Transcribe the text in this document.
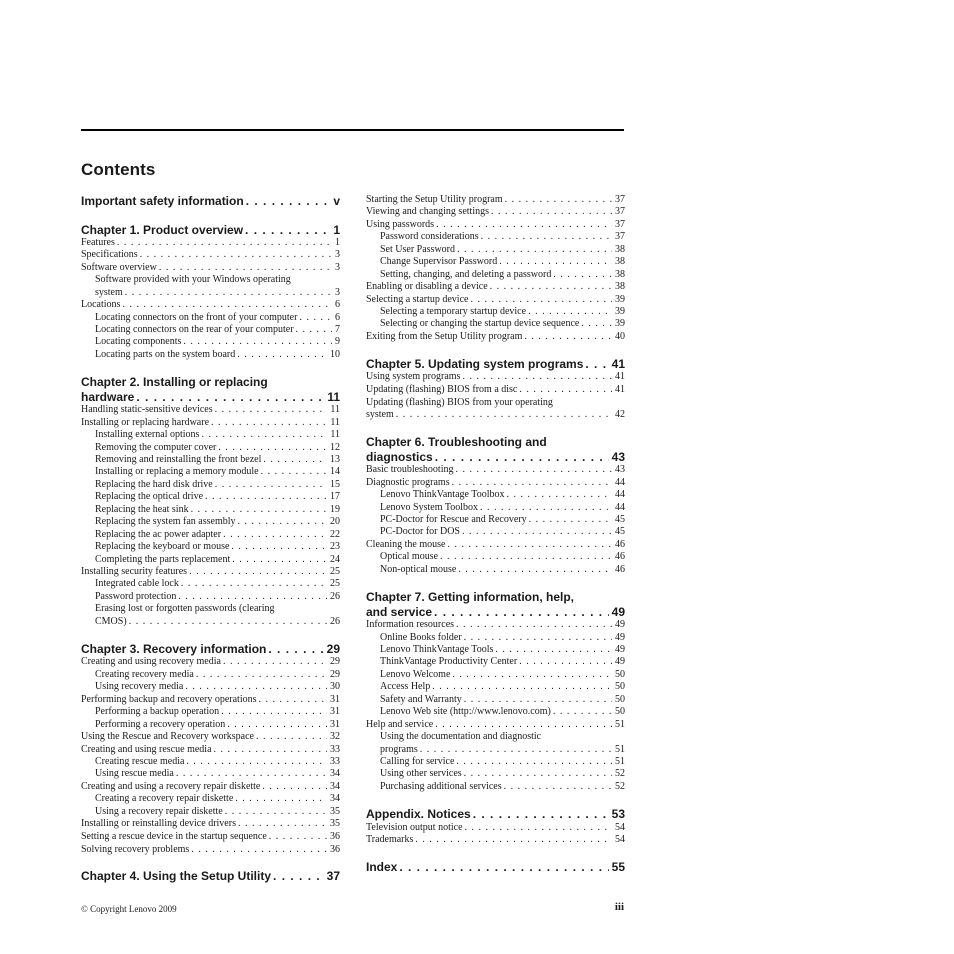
Contents
Important safety information . . .	v
Chapter 1. Product overview . . .	1
Features . . .	1
Specifications . . .	3
Software overview . . .	3
Software provided with your Windows operating
system . . .	3
Locations . . .	6
Locating connectors on the front of your computer . . .	6
Locating connectors on the rear of your computer . . .	7
Locating components . . .	9
Locating parts on the system board . . .	10
Chapter 2. Installing or replacing
hardware . . .	11
Handling static-sensitive devices . . .	11
Installing or replacing hardware . . .	11
Installing external options . . .	11
Removing the computer cover . . .	12
Removing and reinstalling the front bezel . . .	13
Installing or replacing a memory module . . .	14
Replacing the hard disk drive . . .	15
Replacing the optical drive . . .	17
Replacing the heat sink . . .	19
Replacing the system fan assembly . . .	20
Replacing the ac power adapter . . .	22
Replacing the keyboard or mouse . . .	23
Completing the parts replacement . . .	24
Installing security features . . .	25
Integrated cable lock . . .	25
Password protection . . .	26
Erasing lost or forgotten passwords (clearing
CMOS) . . .	26
Chapter 3. Recovery information . . .	29
Creating and using recovery media . . .	29
Creating recovery media . . .	29
Using recovery media . . .	30
Performing backup and recovery operations . . .	31
Performing a backup operation . . .	31
Performing a recovery operation . . .	31
Using the Rescue and Recovery workspace . . .	32
Creating and using rescue media . . .	33
Creating rescue media . . .	33
Using rescue media . . .	34
Creating and using a recovery repair diskette . . .	34
Creating a recovery repair diskette . . .	34
Using a recovery repair diskette . . .	35
Installing or reinstalling device drivers . . .	35
Setting a rescue device in the startup sequence . . .	36
Solving recovery problems . . .	36
Chapter 4. Using the Setup Utility . . .	37
Starting the Setup Utility program . . .	37
Viewing and changing settings . . .	37
Using passwords . . .	37
Password considerations . . .	37
Set User Password . . .	38
Change Supervisor Password . . .	38
Setting, changing, and deleting a password . . .	38
Enabling or disabling a device . . .	38
Selecting a startup device . . .	39
Selecting a temporary startup device . . .	39
Selecting or changing the startup device sequence . . .	39
Exiting from the Setup Utility program . . .	40
Chapter 5. Updating system programs . . . 41
Using system programs . . .	41
Updating (flashing) BIOS from a disc . . .	41
Updating (flashing) BIOS from your operating
system . . .	42
Chapter 6. Troubleshooting and
diagnostics . . .	43
Basic troubleshooting . . .	43
Diagnostic programs . . .	44
Lenovo ThinkVantage Toolbox . . .	44
Lenovo System Toolbox . . .	44
PC-Doctor for Rescue and Recovery . . .	45
PC-Doctor for DOS . . .	45
Cleaning the mouse . . .	46
Optical mouse . . .	46
Non-optical mouse . . .	46
Chapter 7. Getting information, help,
and service . . .	49
Information resources . . .	49
Online Books folder . . .	49
Lenovo ThinkVantage Tools . . .	49
ThinkVantage Productivity Center . . .	49
Lenovo Welcome . . .	50
Access Help . . .	50
Safety and Warranty . . .	50
Lenovo Web site (http://www.lenovo.com) . . .	50
Help and service . . .	51
Using the documentation and diagnostic
programs . . .	51
Calling for service . . .	51
Using other services . . .	52
Purchasing additional services . . .	52
Appendix. Notices . . .	53
Television output notice . . .	54
Trademarks . . .	54
Index . . .	55
© Copyright Lenovo 2009	iii
